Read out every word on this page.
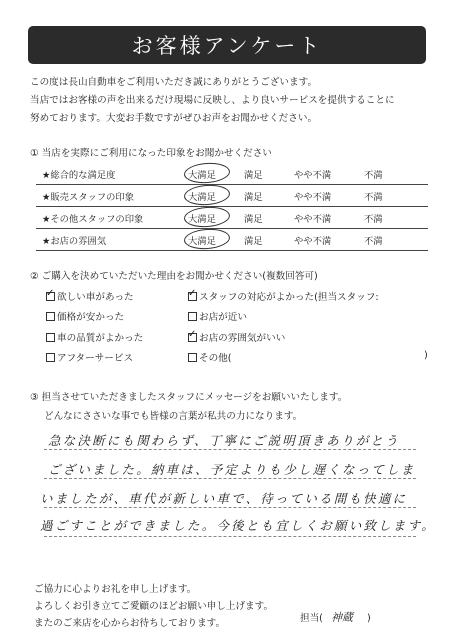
お客様アンケート
この度は長山自動車をご利用いただき誠にありがとうございます。
当店ではお客様の声を出来るだけ現場に反映し、より良いサービスを提供することに
努めております。大変お手数ですがぜひお声をお聞かせください。
① 当店を実際にご利用になった印象をお聞かせください
★総合的な満足度	大満足	満足	やや不満	不満
★販売スタッフの印象	大満足	満足	やや不満	不満
★その他スタッフの印象	大満足	満足	やや不満	不満
★お店の雰囲気	大満足	満足	やや不満	不満
② ご購入を決めていただいた理由をお聞かせください(複数回答可)
✓ 欲しい車があった	✓ スタッフの対応がよかった(担当スタッフ:
価格が安かった	お店が近い
車の品質がよかった	✓ お店の雰囲気がいい
アフターサービス	その他(	)
③ 担当させていただきましたスタッフにメッセージをお願いいたします。
どんなにささいな事でも皆様の言葉が私共の力になります。
急な決断にも関わらず、丁寧にご説明頂きありがとう
ございました。納車は、予定よりも少し遅くなってしま
いましたが、車代が新しい車で、待っている間も快適に
過ごすことができました。今後とも宜しくお願い致します。
ご協力に心よりお礼を申し上げます。
よろしくお引き立てご愛顧のほどお願い申し上げます。
またのご来店を心からお待ちしております。	担当( 神蔵 )
